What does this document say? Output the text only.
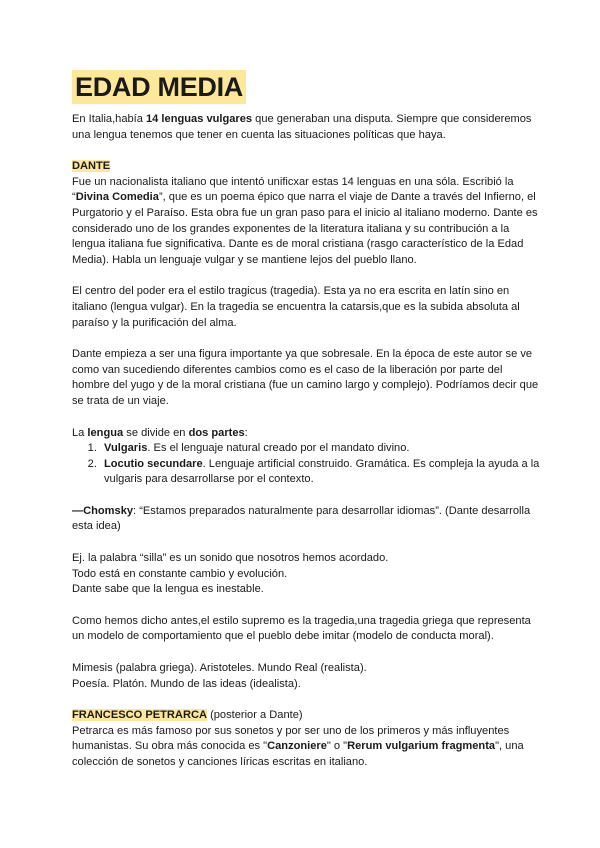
EDAD MEDIA

En Italia,había 14 lenguas vulgares que generaban una disputa. Siempre que consideremos una lengua tenemos que tener en cuenta las situaciones políticas que haya.

DANTE

Fue un nacionalista italiano que intentó unificxar estas 14 lenguas en una sóla. Escribió la “Divina Comedia”, que es un poema épico que narra el viaje de Dante a través del Infierno, el Purgatorio y el Paraíso. Esta obra fue un gran paso para el inicio al italiano moderno. Dante es considerado uno de los grandes exponentes de la literatura italiana y su contribución a la lengua italiana fue significativa. Dante es de moral cristiana (rasgo característico de la Edad Media). Habla un lenguaje vulgar y se mantiene lejos del pueblo llano.

El centro del poder era el estilo tragicus (tragedia). Esta ya no era escrita en latín sino en italiano (lengua vulgar). En la tragedia se encuentra la catarsis,que es la subida absoluta al paraíso y la purificación del alma.

Dante empieza a ser una figura importante ya que sobresale. En la época de este autor se ve como van sucediendo diferentes cambios como es el caso de la liberación por parte del hombre del yugo y de la moral cristiana (fue un camino largo y complejo). Podríamos decir que se trata de un viaje.

La lengua se divide en dos partes:

1. Vulgaris. Es el lenguaje natural creado por el mandato divino.
2. Locutio secundare. Lenguaje artificial construido. Gramática. Es compleja la ayuda a la vulgaris para desarrollarse por el contexto.

—Chomsky: “Estamos preparados naturalmente para desarrollar idiomas”. (Dante desarrolla esta idea)

Ej. la palabra “silla” es un sonido que nosotros hemos acordado.

Todo está en constante cambio y evolución.

Dante sabe que la lengua es inestable.

Como hemos dicho antes,el estilo supremo es la tragedia,una tragedia griega que representa un modelo de comportamiento que el pueblo debe imitar (modelo de conducta moral).

Mimesis (palabra griega). Aristoteles. Mundo Real (realista).

Poesía. Platón. Mundo de las ideas (idealista).

FRANCESCO PETRARCA (posterior a Dante)

Petrarca es más famoso por sus sonetos y por ser uno de los primeros y más influyentes humanistas. Su obra más conocida es "Canzoniere" o "Rerum vulgarium fragmenta", una colección de sonetos y canciones líricas escritas en italiano.
